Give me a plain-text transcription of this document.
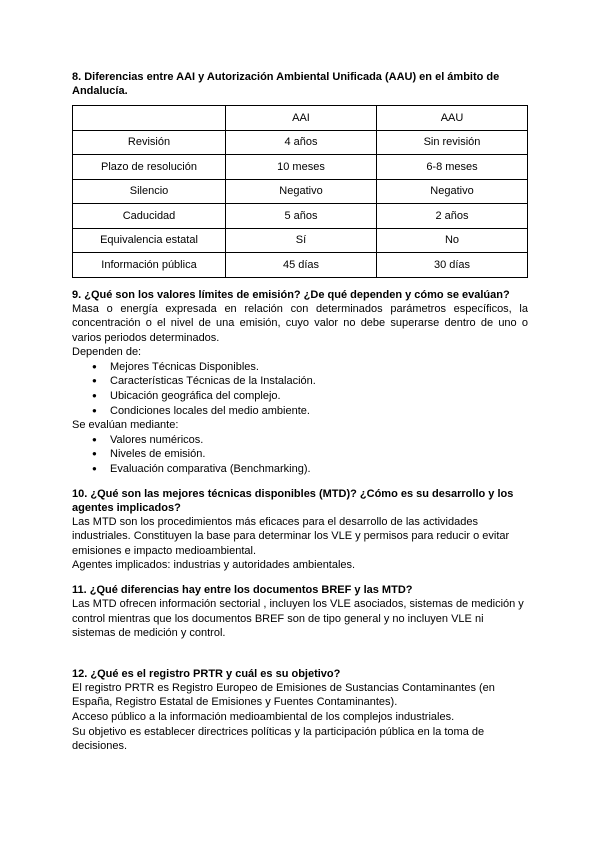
8. Diferencias entre AAI y Autorización Ambiental Unificada (AAU) en el ámbito de Andalucía.
	AAI	AAU
Revisión	4 años	Sin revisión
Plazo de resolución	10 meses	6-8 meses
Silencio	Negativo	Negativo
Caducidad	5 años	2 años
Equivalencia estatal	Sí	No
Información pública	45 días	30 días
9. ¿Qué son los valores límites de emisión? ¿De qué dependen y cómo se evalúan?

Masa o energía expresada en relación con determinados parámetros específicos, la concentración o el nivel de una emisión, cuyo valor no debe superarse dentro de uno o varios periodos determinados.

Dependen de:

● Mejores Técnicas Disponibles.
● Características Técnicas de la Instalación.
● Ubicación geográfica del complejo.
● Condiciones locales del medio ambiente.

Se evalúan mediante:

● Valores numéricos.
● Niveles de emisión.
● Evaluación comparativa (Benchmarking).
10. ¿Qué son las mejores técnicas disponibles (MTD)? ¿Cómo es su desarrollo y los agentes implicados?

Las MTD son los procedimientos más eficaces para el desarrollo de las actividades industriales. Constituyen la base para determinar los VLE y permisos para reducir o evitar emisiones e impacto medioambiental.

Agentes implicados: industrias y autoridades ambientales.

11. ¿Qué diferencias hay entre los documentos BREF y las MTD?

Las MTD ofrecen información sectorial , incluyen los VLE asociados, sistemas de medición y control mientras que los documentos BREF son de tipo general y no incluyen VLE ni sistemas de medición y control.

12. ¿Qué es el registro PRTR y cuál es su objetivo?

El registro PRTR es Registro Europeo de Emisiones de Sustancias Contaminantes (en España, Registro Estatal de Emisiones y Fuentes Contaminantes).

Acceso público a la información medioambiental de los complejos industriales.

Su objetivo es establecer directrices políticas y la participación pública en la toma de decisiones.
